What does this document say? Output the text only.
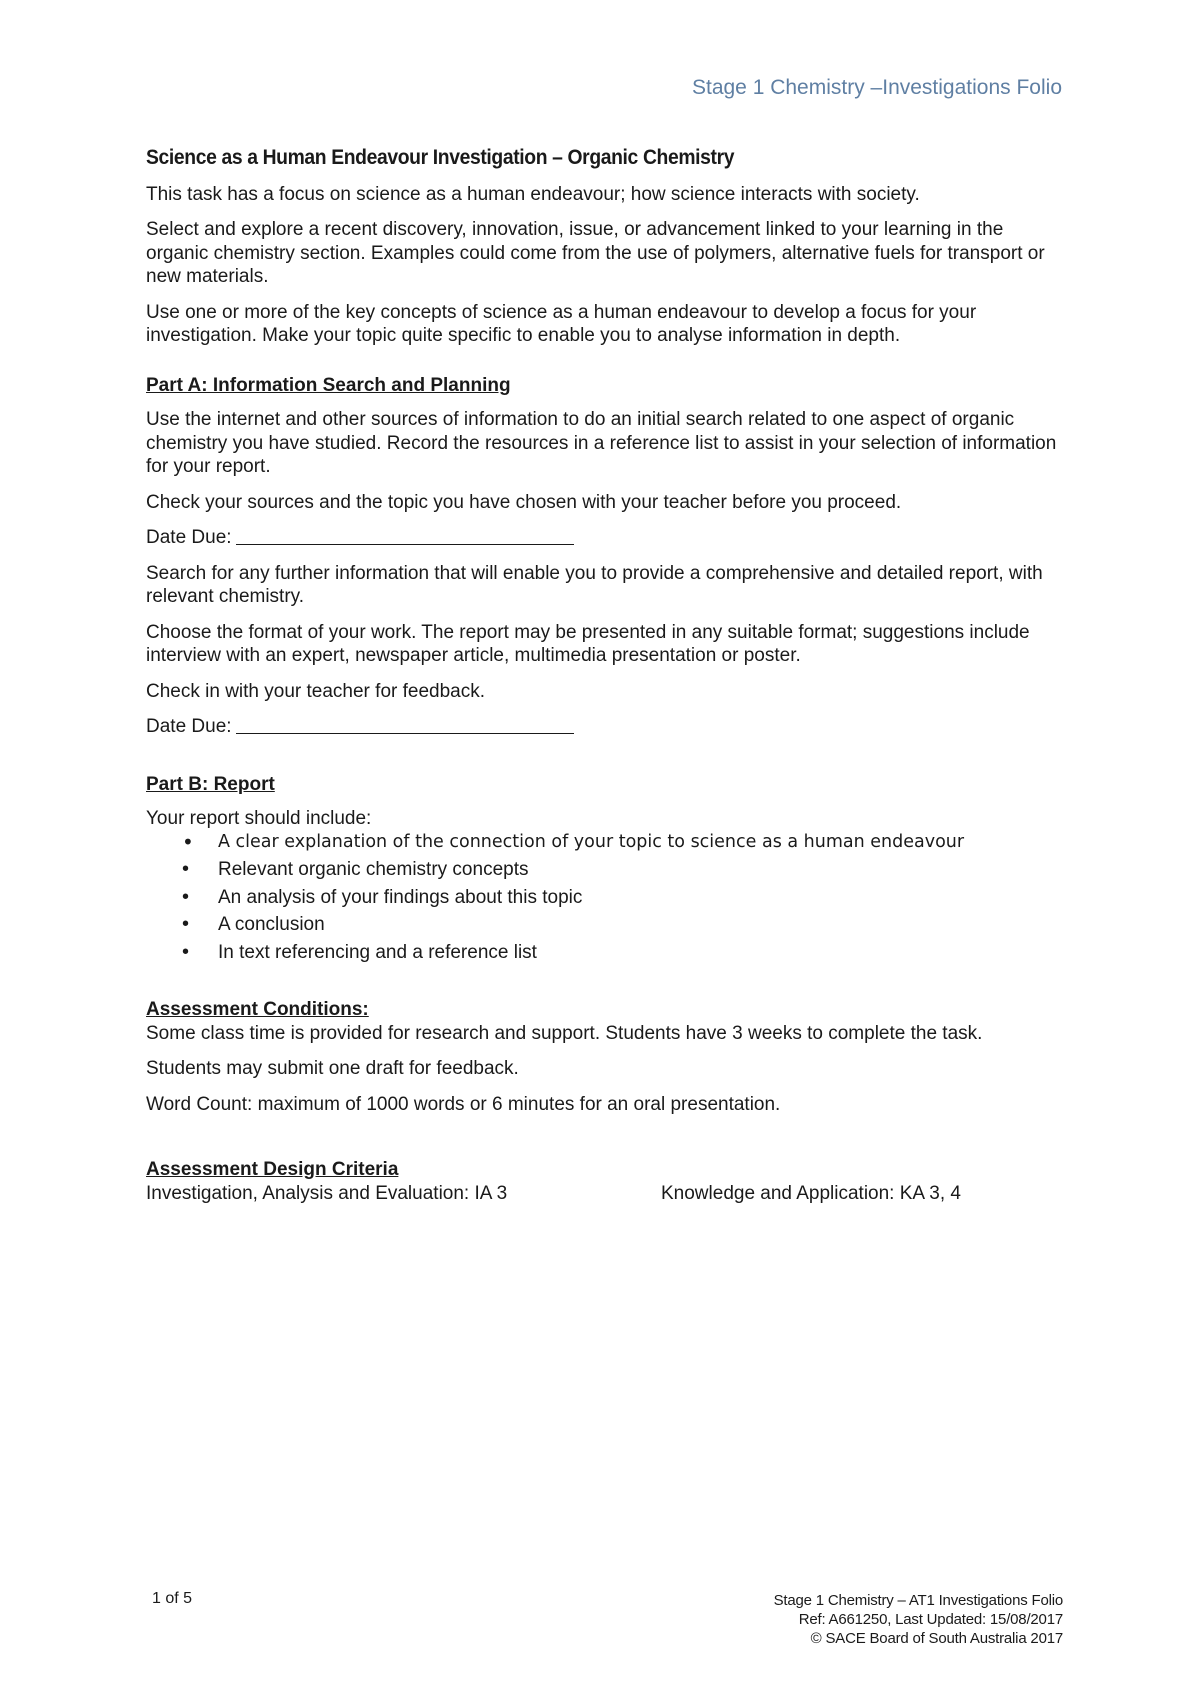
Stage 1 Chemistry –Investigations Folio
Science as a Human Endeavour Investigation – Organic Chemistry

This task has a focus on science as a human endeavour; how science interacts with society.

Select and explore a recent discovery, innovation, issue, or advancement linked to your learning in the organic chemistry section. Examples could come from the use of polymers, alternative fuels for transport or new materials.

Use one or more of the key concepts of science as a human endeavour to develop a focus for your investigation. Make your topic quite specific to enable you to analyse information in depth.

Part A: Information Search and Planning

Use the internet and other sources of information to do an initial search related to one aspect of organic chemistry you have studied. Record the resources in a reference list to assist in your selection of information for your report.

Check your sources and the topic you have chosen with your teacher before you proceed.

Date Due:

Search for any further information that will enable you to provide a comprehensive and detailed report, with relevant chemistry.

Choose the format of your work. The report may be presented in any suitable format; suggestions include interview with an expert, newspaper article, multimedia presentation or poster.

Check in with your teacher for feedback.

Date Due:

Part B: Report

Your report should include:

• A clear explanation of the connection of your topic to science as a human endeavour
• Relevant organic chemistry concepts
• An analysis of your findings about this topic
• A conclusion
• In text referencing and a reference list
Assessment Conditions:

Some class time is provided for research and support. Students have 3 weeks to complete the task.

Students may submit one draft for feedback.

Word Count: maximum of 1000 words or 6 minutes for an oral presentation.

Assessment Design Criteria
Investigation, Analysis and Evaluation: IA 3	Knowledge and Application: KA 3, 4
1 of 5	Stage 1 Chemistry – AT1 Investigations Folio
Ref: A661250, Last Updated: 15/08/2017
© SACE Board of South Australia 2017
